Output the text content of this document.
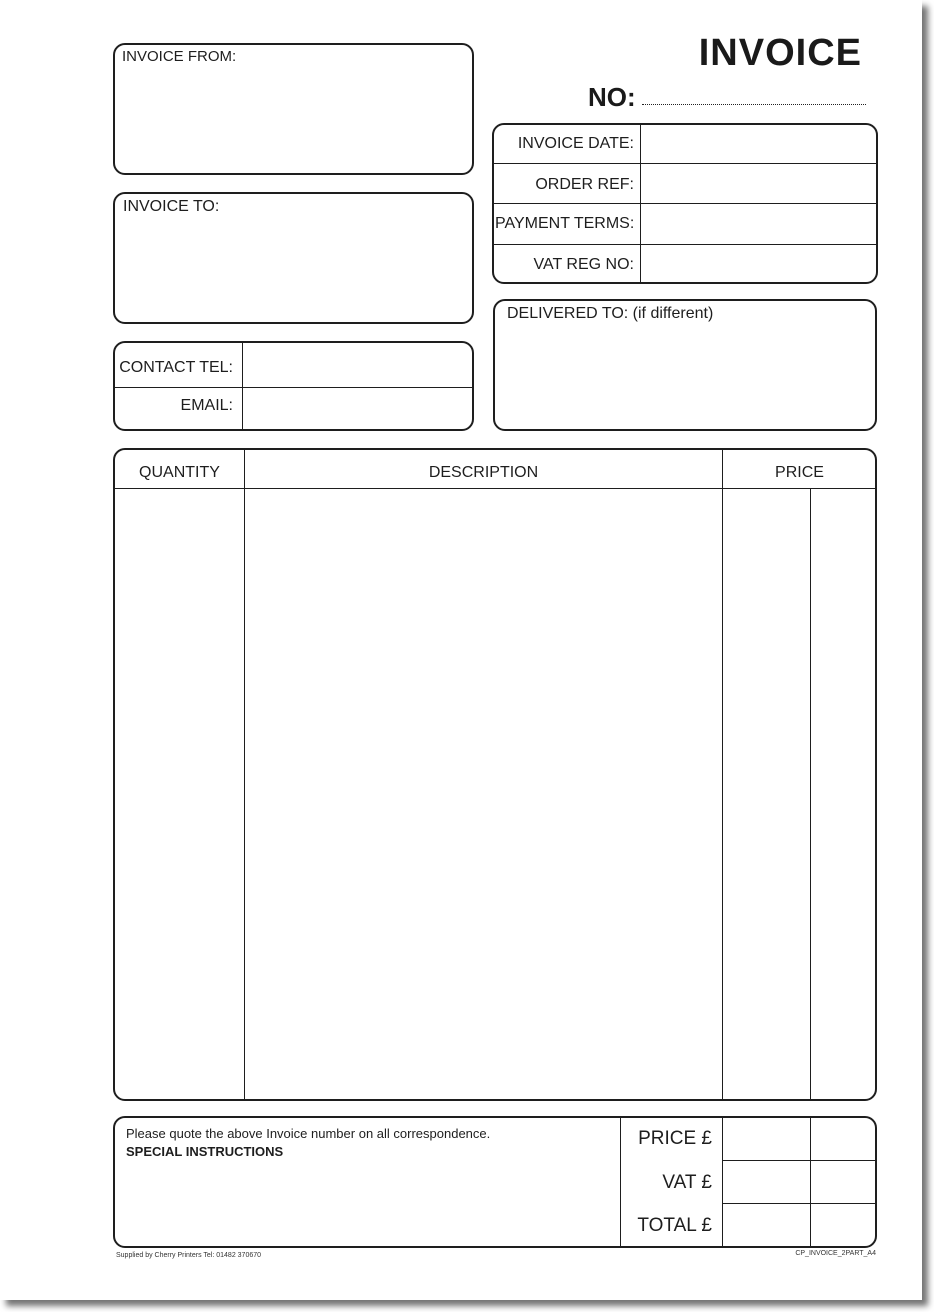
INVOICE
NO:
INVOICE FROM:
INVOICE TO:
CONTACT TEL:
EMAIL:
INVOICE DATE:
ORDER REF:
PAYMENT TERMS:
VAT REG NO:
DELIVERED TO: (if different)
QUANTITY	DESCRIPTION	PRICE
Please quote the above Invoice number on all correspondence.
SPECIAL INSTRUCTIONS
PRICE £
VAT £
TOTAL £
Supplied by Cherry Printers Tel: 01482 370670	CP_INVOICE_2PART_A4
